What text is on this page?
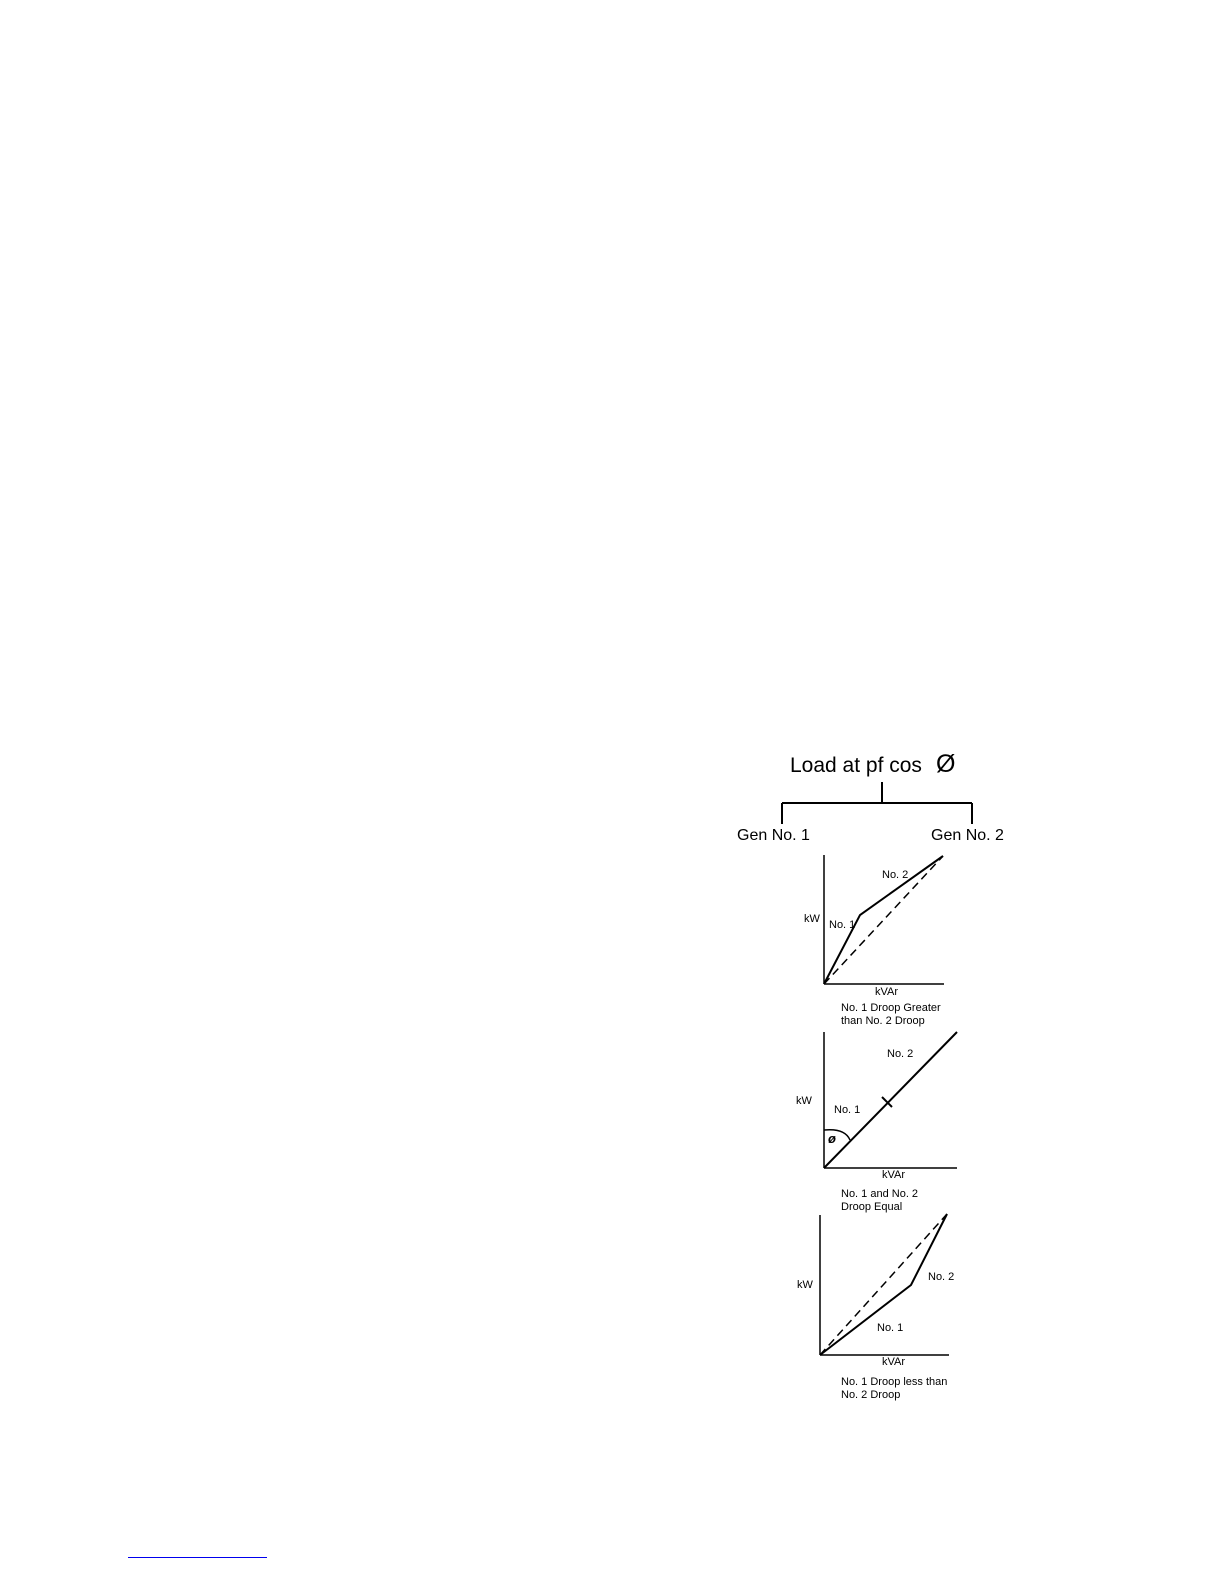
Load at pf cos Ø
Gen No. 1	Gen No. 2
kW
kVAr
No. 1
No. 2
No. 1 Droop Greater
than No. 2 Droop
kW
kVAr
No. 1
No. 2
ø
No. 1 and No. 2
Droop Equal
kW
kVAr
No. 1
No. 2
No. 1 Droop less than
No. 2 Droop
